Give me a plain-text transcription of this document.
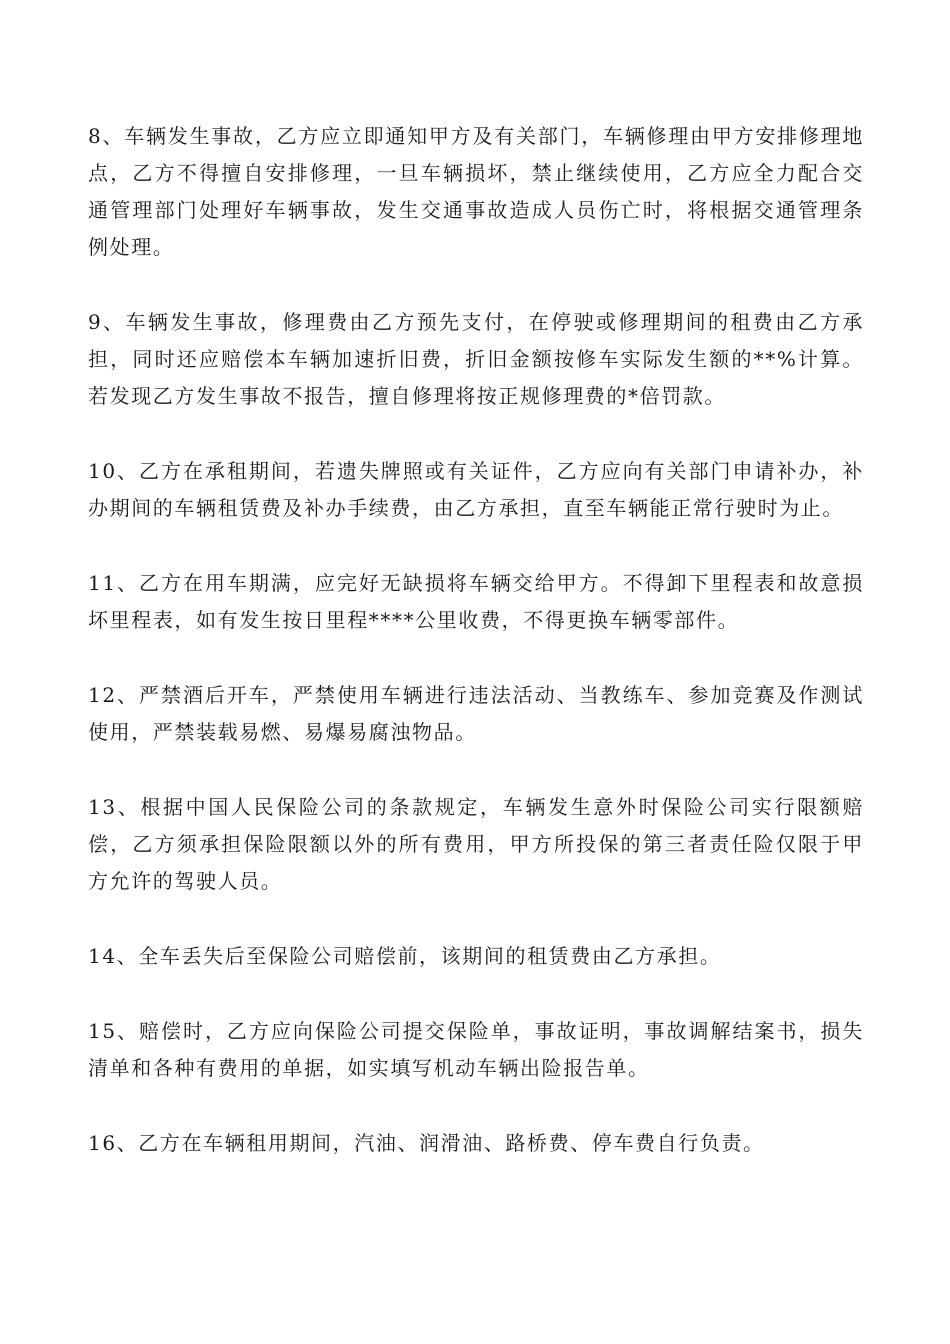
8、车辆发生事故，乙方应立即通知甲方及有关部门，车辆修理由甲方安排修理地点，乙方不得擅自安排修理，一旦车辆损坏，禁止继续使用，乙方应全力配合交通管理部门处理好车辆事故，发生交通事故造成人员伤亡时，将根据交通管理条例处理。

9、车辆发生事故，修理费由乙方预先支付，在停驶或修理期间的租费由乙方承担，同时还应赔偿本车辆加速折旧费，折旧金额按修车实际发生额的**%计算。若发现乙方发生事故不报告，擅自修理将按正规修理费的*倍罚款。

10、乙方在承租期间，若遗失牌照或有关证件，乙方应向有关部门申请补办，补办期间的车辆租赁费及补办手续费，由乙方承担，直至车辆能正常行驶时为止。

11、乙方在用车期满，应完好无缺损将车辆交给甲方。不得卸下里程表和故意损坏里程表，如有发生按日里程****公里收费，不得更换车辆零部件。

12、严禁酒后开车，严禁使用车辆进行违法活动、当教练车、参加竞赛及作测试使用，严禁装载易燃、易爆易腐浊物品。

13、根据中国人民保险公司的条款规定，车辆发生意外时保险公司实行限额赔偿，乙方须承担保险限额以外的所有费用，甲方所投保的第三者责任险仅限于甲方允许的驾驶人员。

14、全车丢失后至保险公司赔偿前，该期间的租赁费由乙方承担。

15、赔偿时，乙方应向保险公司提交保险单，事故证明，事故调解结案书，损失清单和各种有费用的单据，如实填写机动车辆出险报告单。

16、乙方在车辆租用期间，汽油、润滑油、路桥费、停车费自行负责。
